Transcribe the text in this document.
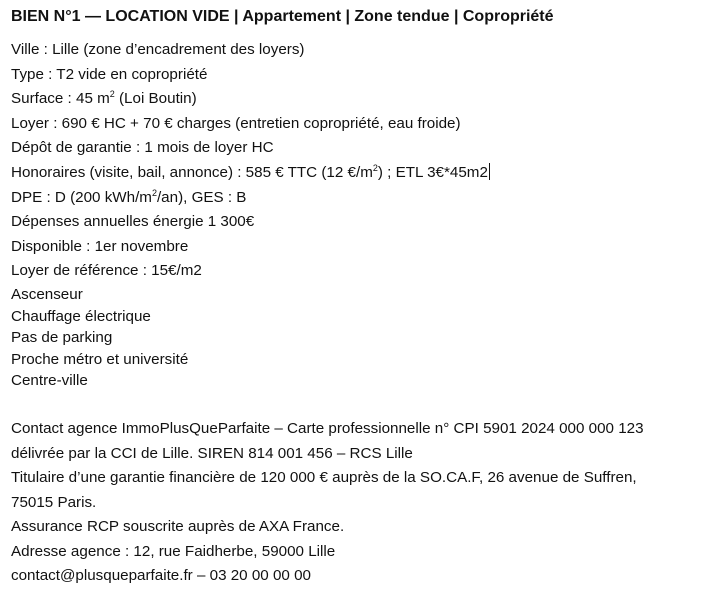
BIEN N°1 — LOCATION VIDE | Appartement | Zone tendue | Copropriété
Ville : Lille (zone d’encadrement des loyers)
Type : T2 vide en copropriété
Surface : 45 $m^2$ (Loi Boutin)
Loyer : 690 € HC + 70 € charges (entretien copropriété, eau froide)
Dépôt de garantie : 1 mois de loyer HC
Honoraires (visite, bail, annonce) : 585 € TTC (12 $€/m^2$) ; ETL 3€*45m2
DPE : D (200 kWh/$m^2/an$), GES : B
Dépenses annuelles énergie 1 300€
Disponible : 1er novembre
Loyer de référence : 15€/m2
Ascenseur
Chauffage électrique
Pas de parking
Proche métro et université
Centre-ville
Contact agence ImmoPlusQueParfaite – Carte professionnelle n° CPI 5901 2024 000 000 123
délivrée par la CCI de Lille. SIREN 814 001 456 – RCS Lille
Titulaire d’une garantie financière de 120 000 € auprès de la SO.CA.F, 26 avenue de Suffren,
75015 Paris.
Assurance RCP souscrite auprès de AXA France.
Adresse agence : 12, rue Faidherbe, 59000 Lille
contact@plusqueparfaite.fr – 03 20 00 00 00
